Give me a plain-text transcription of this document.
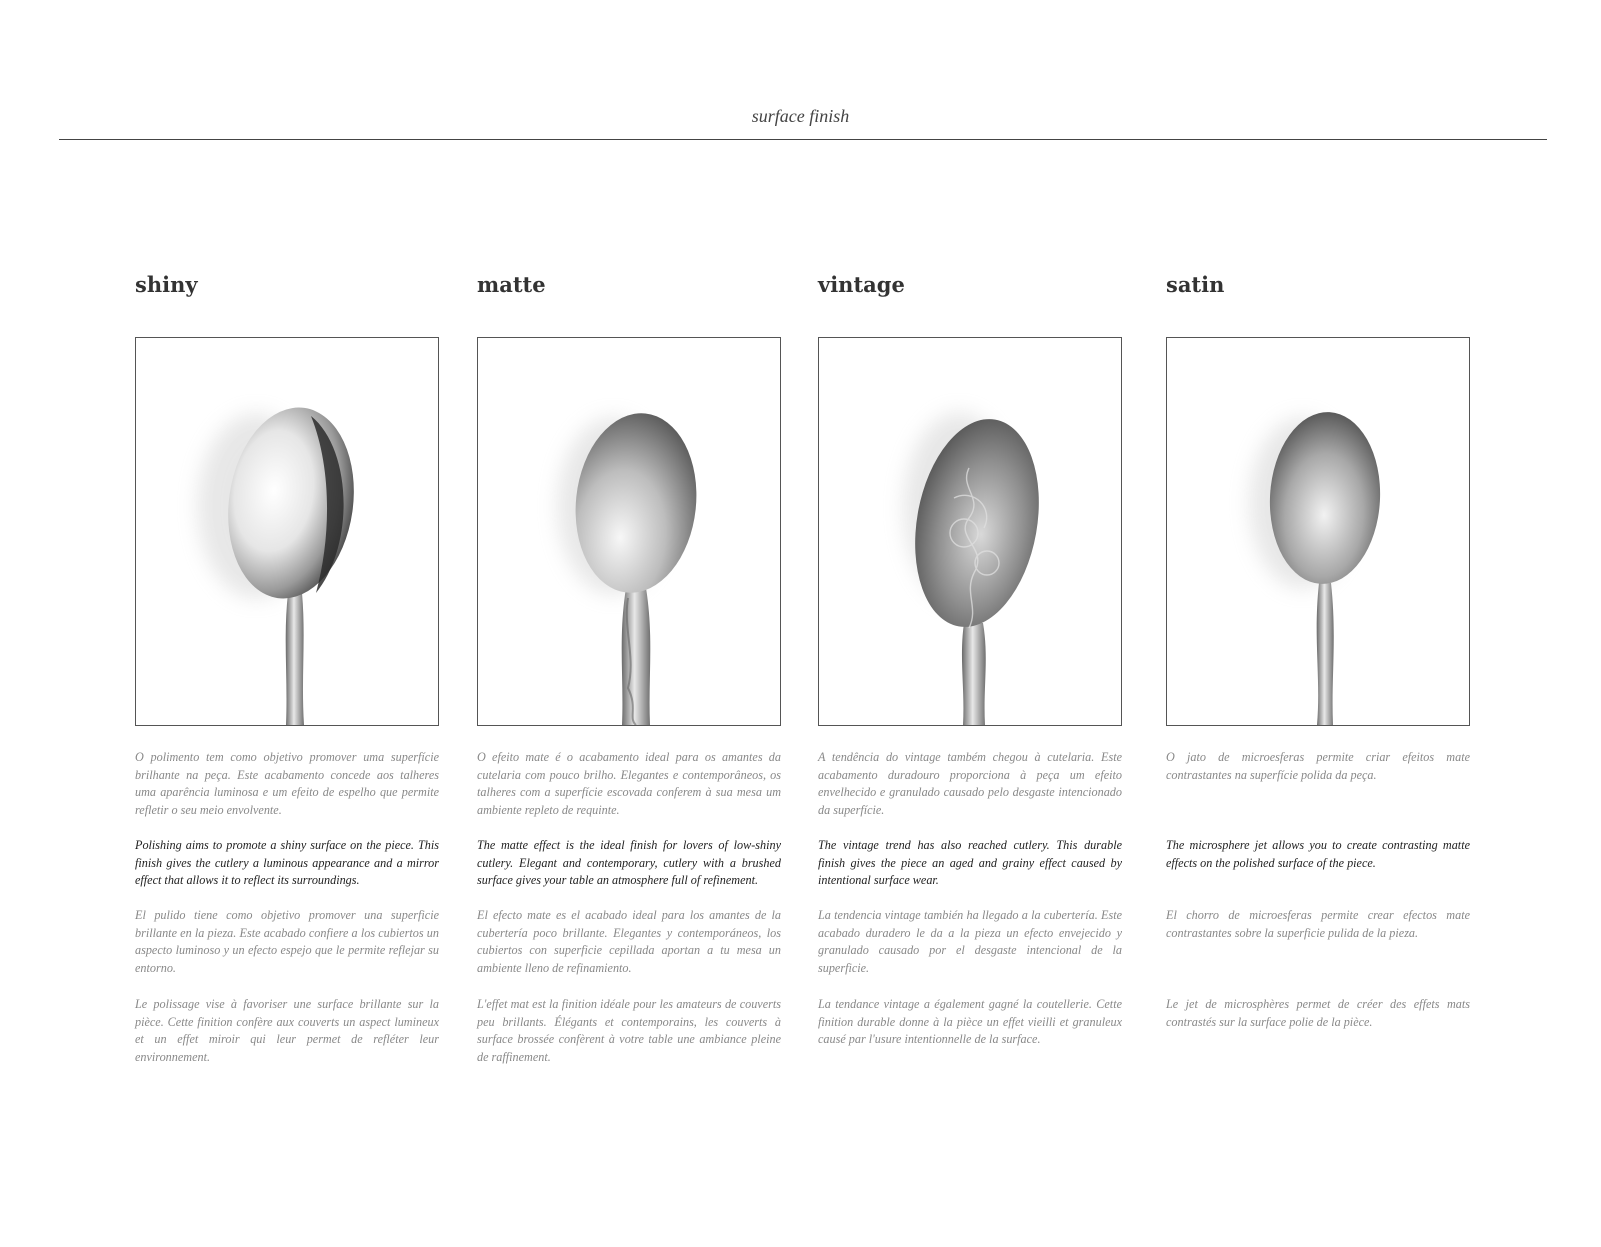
surface finish
shiny

O polimento tem como objetivo promover uma superfície brilhante na peça. Este acabamento concede aos talheres uma aparência luminosa e um efeito de espelho que permite refletir o seu meio envolvente.

Polishing aims to promote a shiny surface on the piece. This finish gives the cutlery a luminous appearance and a mirror effect that allows it to reflect its surroundings.

El pulido tiene como objetivo promover una superficie brillante en la pieza. Este acabado confiere a los cubiertos un aspecto luminoso y un efecto espejo que le permite reflejar su entorno.

Le polissage vise à favoriser une surface brillante sur la pièce. Cette finition confère aux couverts un aspect lumineux et un effet miroir qui leur permet de refléter leur environnement.

matte

O efeito mate é o acabamento ideal para os amantes da cutelaria com pouco brilho. Elegantes e contemporâneos, os talheres com a superfície escovada conferem à sua mesa um ambiente repleto de requinte.

The matte effect is the ideal finish for lovers of low-shiny cutlery. Elegant and contemporary, cutlery with a brushed surface gives your table an atmosphere full of refinement.

El efecto mate es el acabado ideal para los amantes de la cubertería poco brillante. Elegantes y contemporáneos, los cubiertos con superficie cepillada aportan a tu mesa un ambiente lleno de refinamiento.

L'effet mat est la finition idéale pour les amateurs de couverts peu brillants. Élégants et contemporains, les couverts à surface brossée confèrent à votre table une ambiance pleine de raffinement.

vintage

A tendência do vintage também chegou à cutelaria. Este acabamento duradouro proporciona à peça um efeito envelhecido e granulado causado pelo desgaste intencionado da superfície.

The vintage trend has also reached cutlery. This durable finish gives the piece an aged and grainy effect caused by intentional surface wear.

La tendencia vintage también ha llegado a la cubertería. Este acabado duradero le da a la pieza un efecto envejecido y granulado causado por el desgaste intencional de la superficie.

La tendance vintage a également gagné la coutellerie. Cette finition durable donne à la pièce un effet vieilli et granuleux causé par l'usure intentionnelle de la surface.

satin

O jato de microesferas permite criar efeitos mate contrastantes na superfície polida da peça.

The microsphere jet allows you to create contrasting matte effects on the polished surface of the piece.

El chorro de microesferas permite crear efectos mate contrastantes sobre la superficie pulida de la pieza.

Le jet de microsphères permet de créer des effets mats contrastés sur la surface polie de la pièce.
